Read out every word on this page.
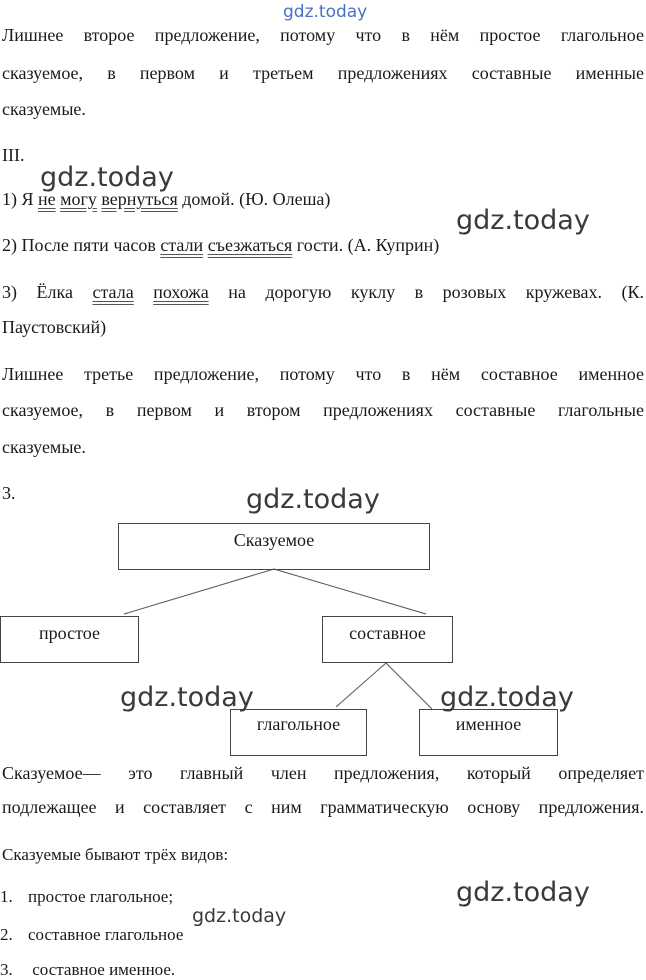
gdz.today
Лишнее второе предложение, потому что в нём простое глагольное
сказуемое, в первом и третьем предложениях составные именные
сказуемые.
III.
gdz.today
1) Я не могу вернуться домой. (Ю. Олеша)
gdz.today
2) После пяти часов стали съезжаться гости. (А. Куприн)
3) Ёлка стала похожа на дорогую куклу в розовых кружевах. (К.
Паустовский)
Лишнее третье предложение, потому что в нём составное именное
сказуемое, в первом и втором предложениях составные глагольные
сказуемые.
3.	gdz.today
Сказуемое
простое	составное
глагольное	именное
gdz.today	gdz.today
Сказуемое— это главный член предложения, который определяет
подлежащее и составляет с ним грамматическую основу предложения.
Сказуемые бывают трёх видов:
gdz.today
gdz.today
1. простое глагольное;
2. составное глагольное
3. составное именное.
